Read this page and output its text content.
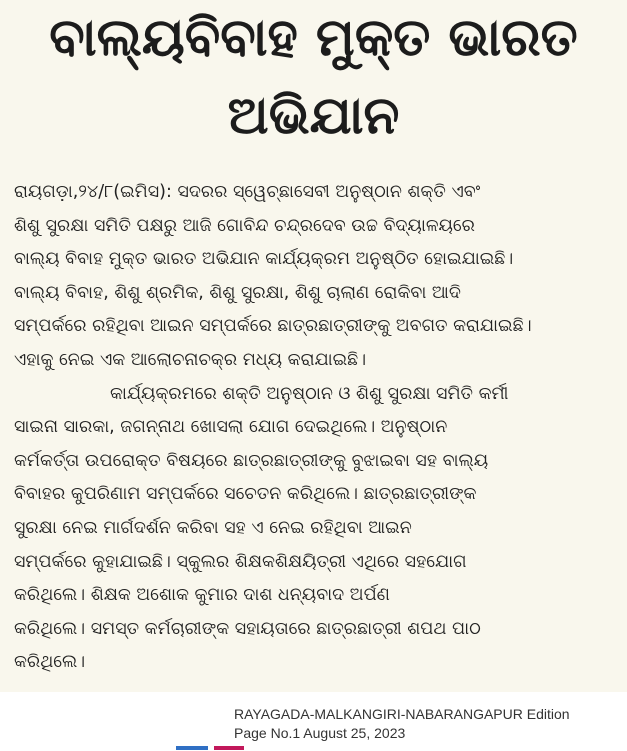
ବାଲ୍ୟବିବାହ ମୁକ୍ତ ଭାରତ
ଅଭିଯାନ
ରାୟଗଡ଼ା,୨୪/୮(ଇମିସ): ସଦରର ସ୍ୱେଚ୍ଛାସେବୀ ଅନୁଷ୍ଠାନ ଶକ୍ତି ଏବଂ
ଶିଶୁ ସୁରକ୍ଷା ସମିତି ପକ୍ଷରୁ ଆଜି ଗୋବିନ୍ଦ ଚନ୍ଦ୍ରଦେବ ଉଚ୍ଚ ବିଦ୍ୟାଳୟରେ
ବାଲ୍ୟ ବିବାହ ମୁକ୍ତ ଭାରତ ଅଭିଯାନ କାର୍ଯ୍ୟକ୍ରମ ଅନୁଷ୍ଠିତ ହୋଇଯାଇଛି।
ବାଲ୍ୟ ବିବାହ, ଶିଶୁ ଶ୍ରମିକ, ଶିଶୁ ସୁରକ୍ଷା, ଶିଶୁ ଚାଲାଣ ରୋକିବା ଆଦି
ସମ୍ପର୍କରେ ରହିଥିବା ଆଇନ ସମ୍ପର୍କରେ ଛାତ୍ରଛାତ୍ରୀଙ୍କୁ ଅବଗତ କରାଯାଇଛି।
ଏହାକୁ ନେଇ ଏକ ଆଲୋଚନାଚକ୍ର ମଧ୍ୟ କରାଯାଇଛି।
କାର୍ଯ୍ୟକ୍ରମରେ ଶକ୍ତି ଅନୁଷ୍ଠାନ ଓ ଶିଶୁ ସୁରକ୍ଷା ସମିତି କର୍ମୀ
ସାଇନା ସାରକା, ଜଗନ୍ନାଥ ଖୋସଲା ଯୋଗ ଦେଇଥିଲେ। ଅନୁଷ୍ଠାନ
କର୍ମକର୍ତ୍ତା ଉପରୋକ୍ତ ବିଷୟରେ ଛାତ୍ରଛାତ୍ରୀଙ୍କୁ ବୁଝାଇବା ସହ ବାଲ୍ୟ
ବିବାହର କୁପରିଣାମ ସମ୍ପର୍କରେ ସଚେତନ କରିଥିଲେ। ଛାତ୍ରଛାତ୍ରୀଙ୍କ
ସୁରକ୍ଷା ନେଇ ମାର୍ଗଦର୍ଶନ କରିବା ସହ ଏ ନେଇ ରହିଥିବା ଆଇନ
ସମ୍ପର୍କରେ କୁହାଯାଇଛି। ସ୍କୁଲର ଶିକ୍ଷକଶିକ୍ଷୟିତ୍ରୀ ଏଥିରେ ସହଯୋଗ
କରିଥିଲେ। ଶିକ୍ଷକ ଅଶୋକ କୁମାର ଦାଶ ଧନ୍ୟବାଦ ଅର୍ପଣ
କରିଥିଲେ। ସମସ୍ତ କର୍ମଚାରୀଙ୍କ ସହାୟତାରେ ଛାତ୍ରଛାତ୍ରୀ ଶପଥ ପାଠ
କରିଥିଲେ।
RAYAGADA-MALKANGIRI-NABARANGAPUR Edition
Page No.1 August 25, 2023
